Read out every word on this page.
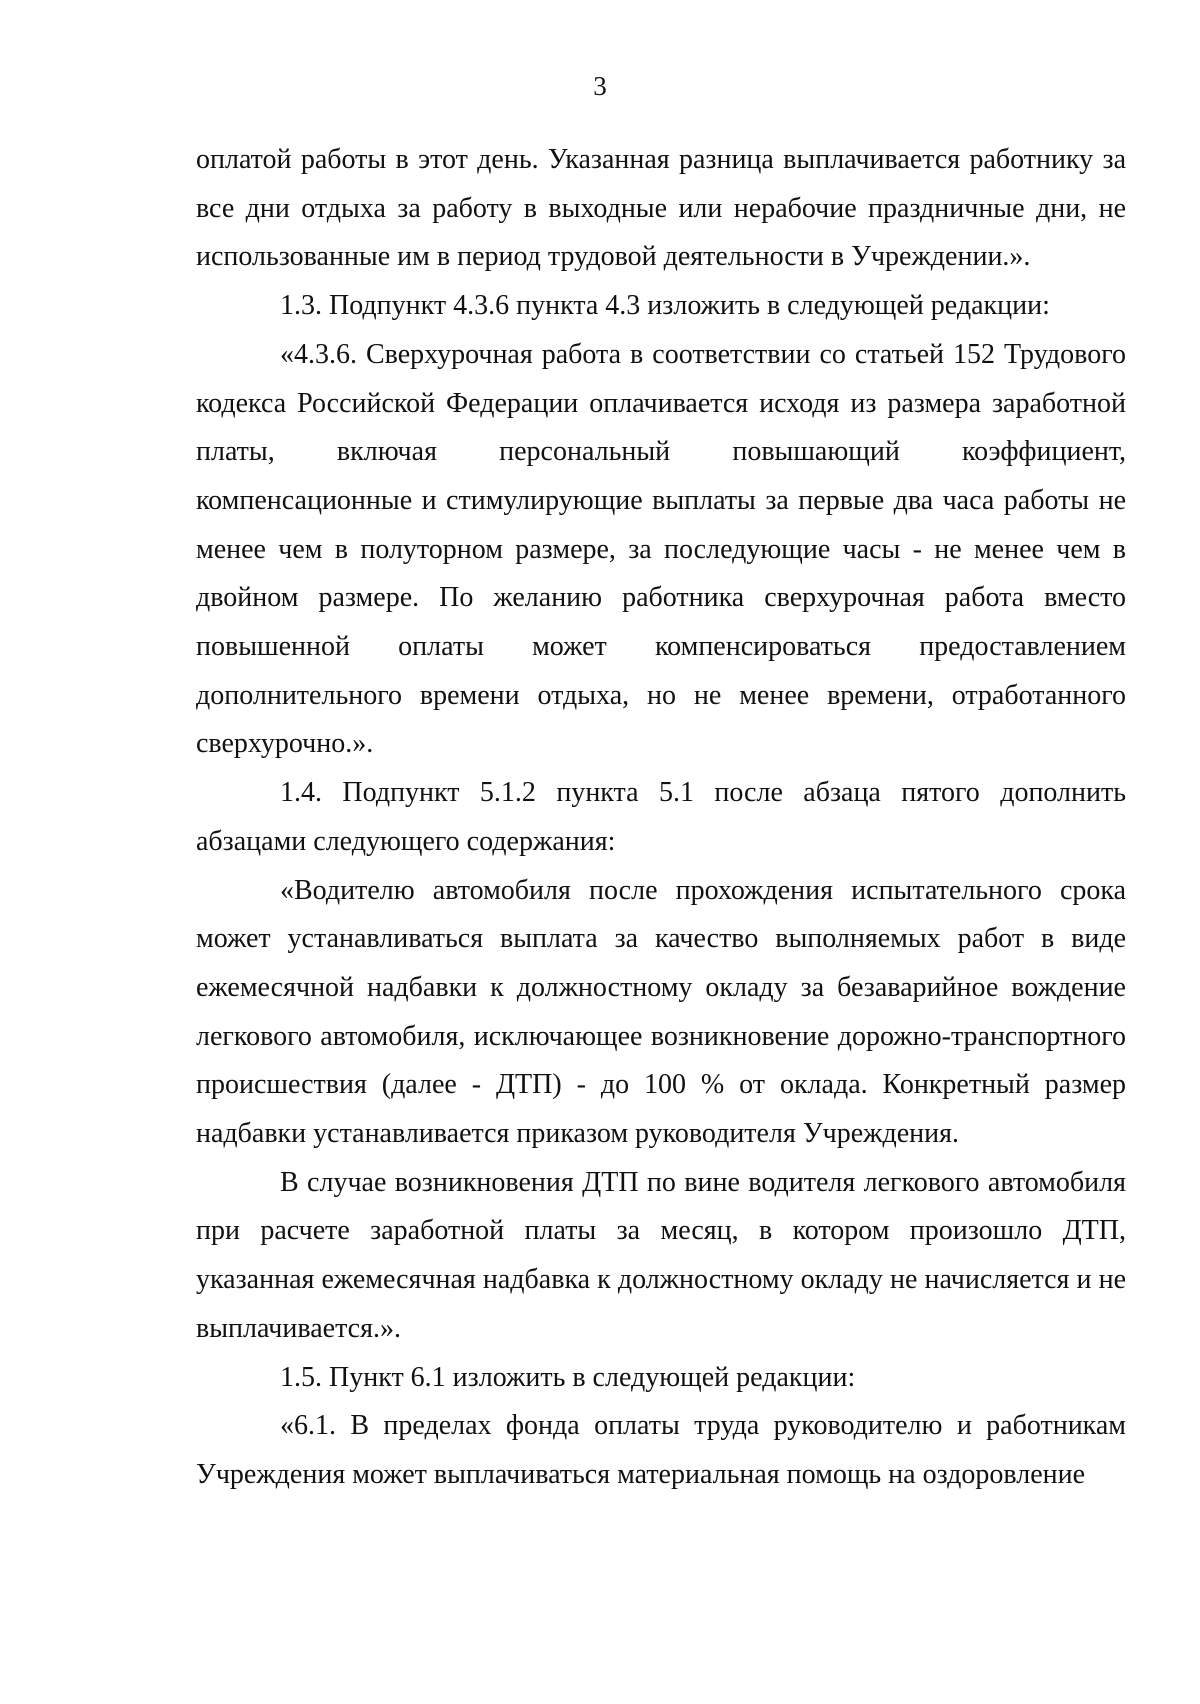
3

оплатой работы в этот день. Указанная разница выплачивается работнику за все дни отдыха за работу в выходные или нерабочие праздничные дни, не использованные им в период трудовой деятельности в Учреждении.».

1.3. Подпункт 4.3.6 пункта 4.3 изложить в следующей редакции:

«4.3.6. Сверхурочная работа в соответствии со статьей 152 Трудового кодекса Российской Федерации оплачивается исходя из размера заработной платы, включая персональный повышающий коэффициент, компенсационные и стимулирующие выплаты за первые два часа работы не менее чем в полуторном размере, за последующие часы - не менее чем в двойном размере. По желанию работника сверхурочная работа вместо повышенной оплаты может компенсироваться предоставлением дополнительного времени отдыха, но не менее времени, отработанного сверхурочно.».

1.4. Подпункт 5.1.2 пункта 5.1 после абзаца пятого дополнить абзацами следующего содержания:

«Водителю автомобиля после прохождения испытательного срока может устанавливаться выплата за качество выполняемых работ в виде ежемесячной надбавки к должностному окладу за безаварийное вождение легкового автомобиля, исключающее возникновение дорожно-транспортного происшествия (далее - ДТП) - до 100 % от оклада. Конкретный размер надбавки устанавливается приказом руководителя Учреждения.

В случае возникновения ДТП по вине водителя легкового автомобиля при расчете заработной платы за месяц, в котором произошло ДТП, указанная ежемесячная надбавка к должностному окладу не начисляется и не выплачивается.».

1.5. Пункт 6.1 изложить в следующей редакции:

«6.1. В пределах фонда оплаты труда руководителю и работникам Учреждения может выплачиваться материальная помощь на оздоровление
